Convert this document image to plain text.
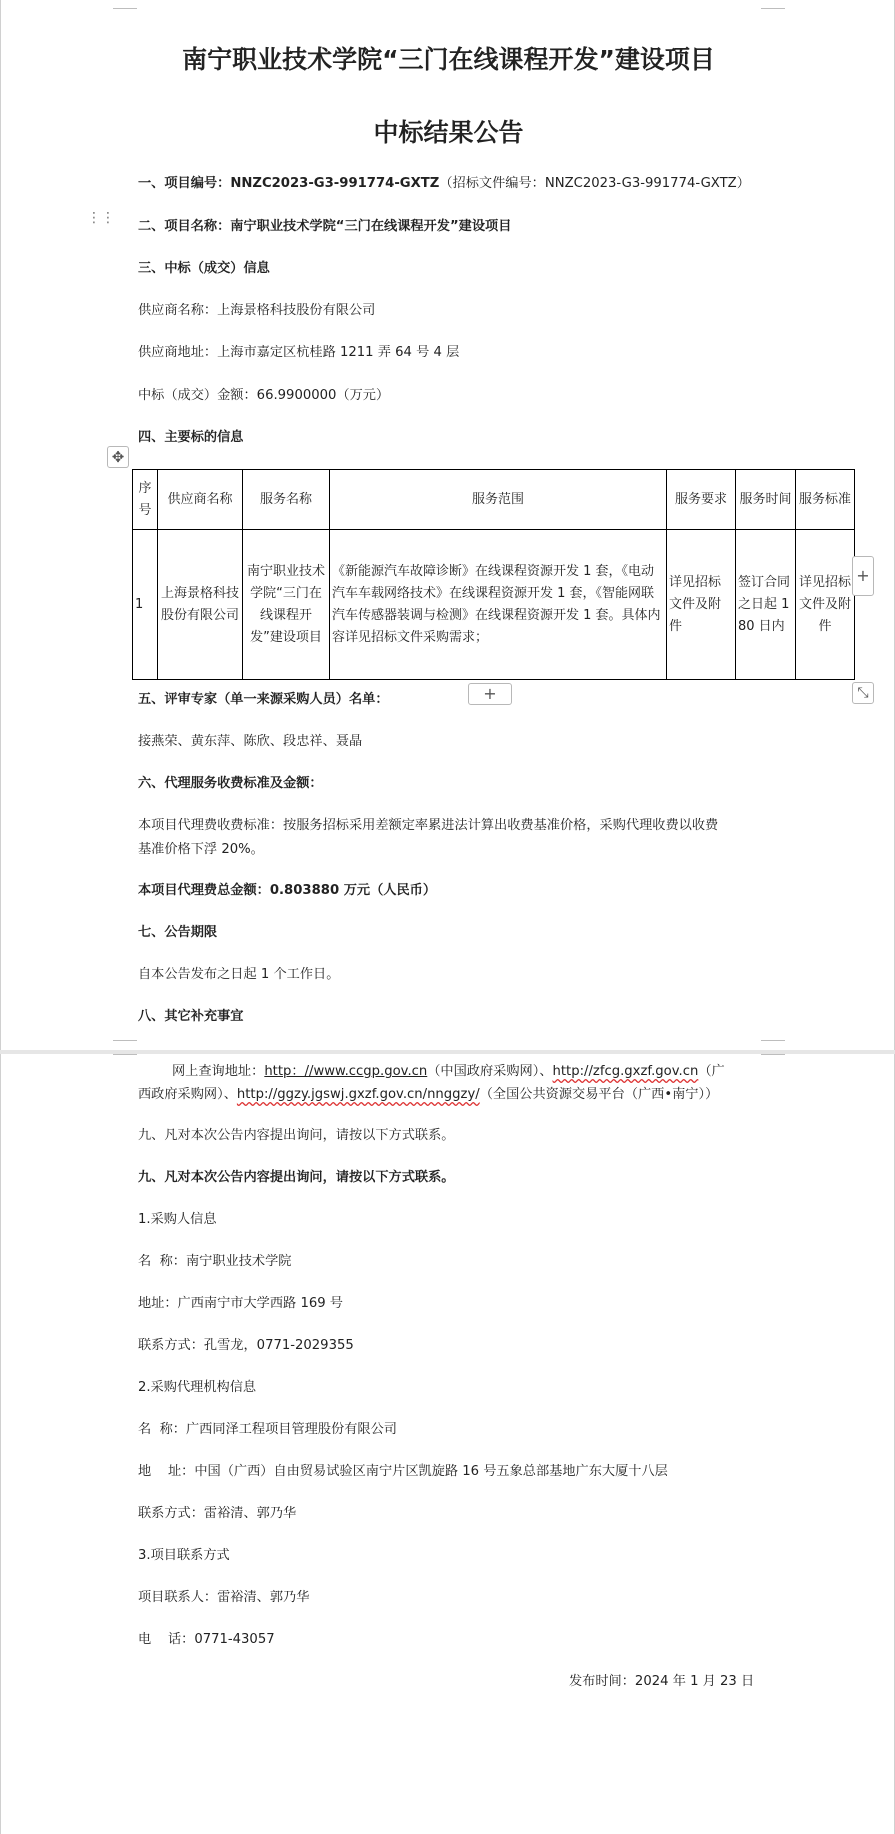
南宁职业技术学院“三门在线课程开发”建设项目
中标结果公告

一、项目编号：NNZC2023-G3-991774-GXTZ（招标文件编号：NNZC2023-G3-991774-GXTZ）

⋮⋮

二、项目名称：南宁职业技术学院“三门在线课程开发”建设项目

三、中标（成交）信息

供应商名称：上海景格科技股份有限公司

供应商地址：上海市嘉定区杭桂路 1211 弄 64 号 4 层

中标（成交）金额：66.9900000（万元）

四、主要标的信息

✥
序号	供应商名称	服务名称	服务范围	服务要求	服务时间	服务标准
1	上海景格科技股份有限公司	南宁职业技术学院“三门在线课程开发”建设项目	《新能源汽车故障诊断》在线课程资源开发 1 套，《电动汽车车载网络技术》在线课程资源开发 1 套，《智能网联汽车传感器装调与检测》在线课程资源开发 1 套。具体内容详见招标文件采购需求；	详见招标文件及附件	签订合同之日起 180 日内	详见招标文件及附件
+
+	⤡

五、评审专家（单一来源采购人员）名单：

接燕荣、黄东萍、陈欣、段忠祥、聂晶

六、代理服务收费标准及金额：

本项目代理费收费标准：按服务招标采用差额定率累进法计算出收费基准价格，采购代理收费以收费

基准价格下浮 20%。

本项目代理费总金额：0.803880 万元（人民币）

七、公告期限

自本公告发布之日起 1 个工作日。

八、其它补充事宜

网上查询地址：http：//www.ccgp.gov.cn（中国政府采购网）、http://zfcg.gxzf.gov.cn（广

西政府采购网）、http://ggzy.jgswj.gxzf.gov.cn/nnggzy/（全国公共资源交易平台（广西•南宁））

九、凡对本次公告内容提出询问，请按以下方式联系。

九、凡对本次公告内容提出询问，请按以下方式联系。

1.采购人信息

名  称：南宁职业技术学院

地址：广西南宁市大学西路 169 号

联系方式：孔雪龙，0771-2029355

2.采购代理机构信息

名  称：广西同泽工程项目管理股份有限公司

地    址：中国（广西）自由贸易试验区南宁片区凯旋路 16 号五象总部基地广东大厦十八层

联系方式：雷裕清、郭乃华

3.项目联系方式

项目联系人：雷裕清、郭乃华

电    话：0771-43057

发布时间：2024 年 1 月 23 日
